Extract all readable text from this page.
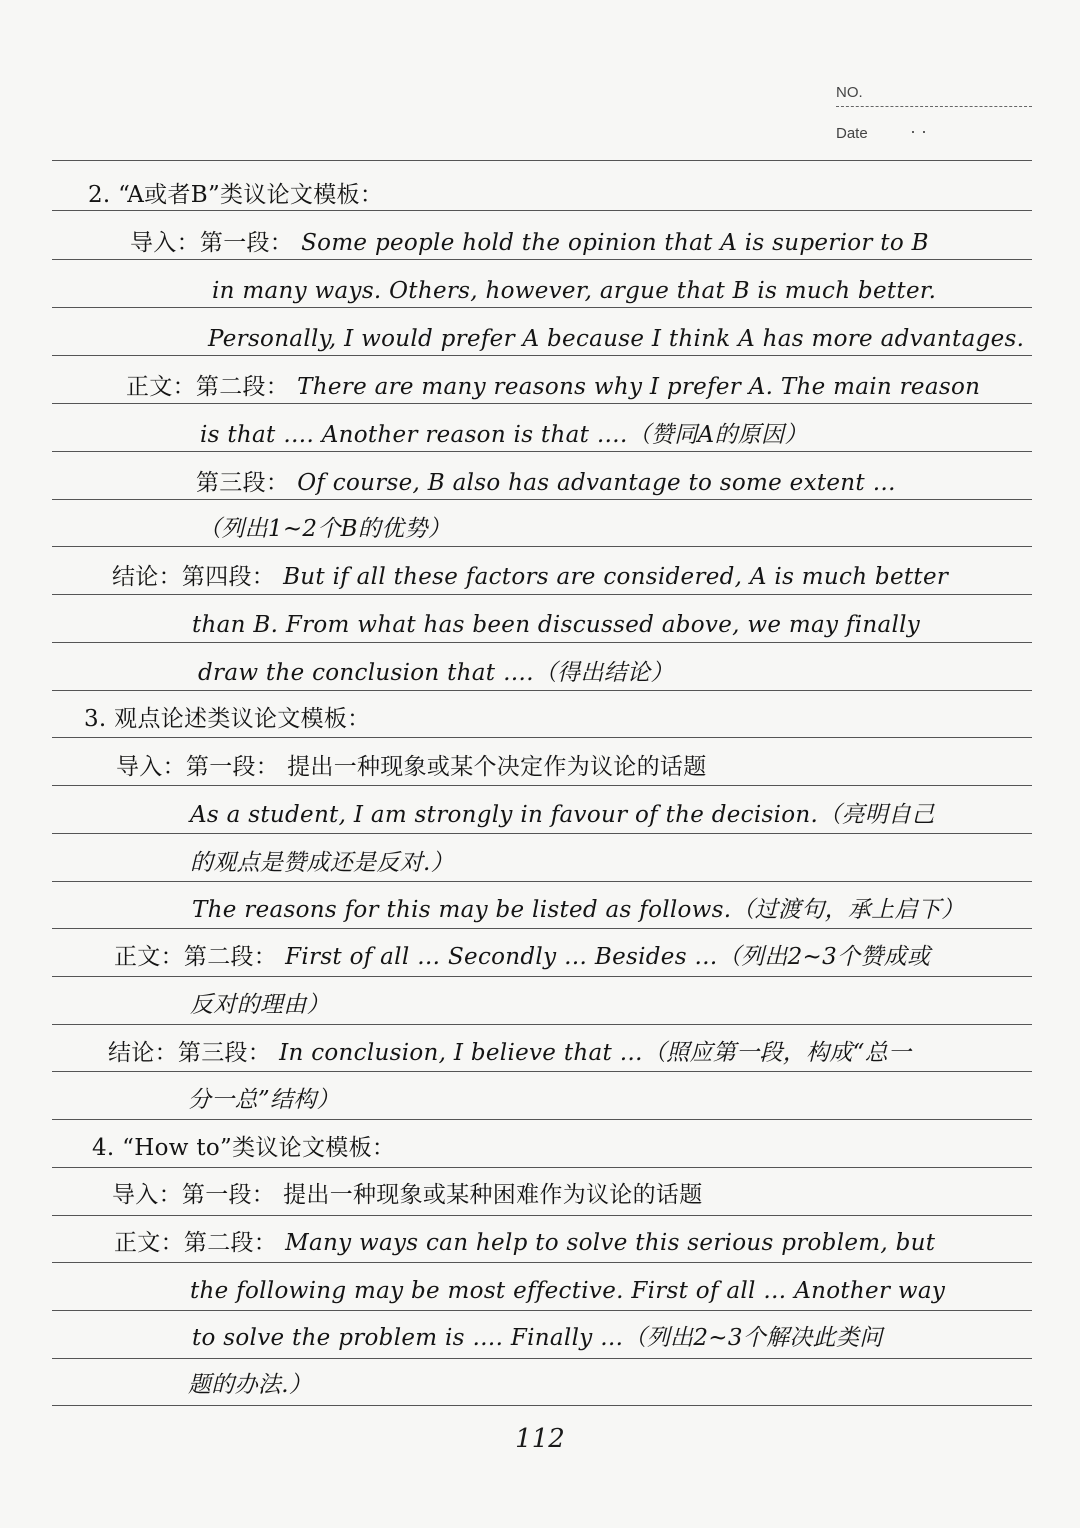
NO.
Date · ·
2. “A或者B”类议论文模板：
导入：第一段： Some people hold the opinion that A is superior to B
in many ways. Others, however, argue that B is much better.
Personally, I would prefer A because I think A has more advantages.
正文：第二段： There are many reasons why I prefer A. The main reason
is that …. Another reason is that ….（赞同A的原因）
第三段： Of course, B also has advantage to some extent …
（列出1~2个B的优势）
结论：第四段： But if all these factors are considered, A is much better
than B. From what has been discussed above, we may finally
draw the conclusion that ….（得出结论）
3. 观点论述类议论文模板：
导入：第一段： 提出一种现象或某个决定作为议论的话题
As a student, I am strongly in favour of the decision.（亮明自己
的观点是赞成还是反对.）
The reasons for this may be listed as follows.（过渡句，承上启下）
正文：第二段： First of all … Secondly … Besides …（列出2~3个赞成或
反对的理由）
结论：第三段： In conclusion, I believe that …（照应第一段，构成“总一
分一总”结构）
4. “How to”类议论文模板：
导入：第一段： 提出一种现象或某种困难作为议论的话题
正文：第二段： Many ways can help to solve this serious problem, but
the following may be most effective. First of all … Another way
to solve the problem is …. Finally …（列出2~3个解决此类问
题的办法.）
112
